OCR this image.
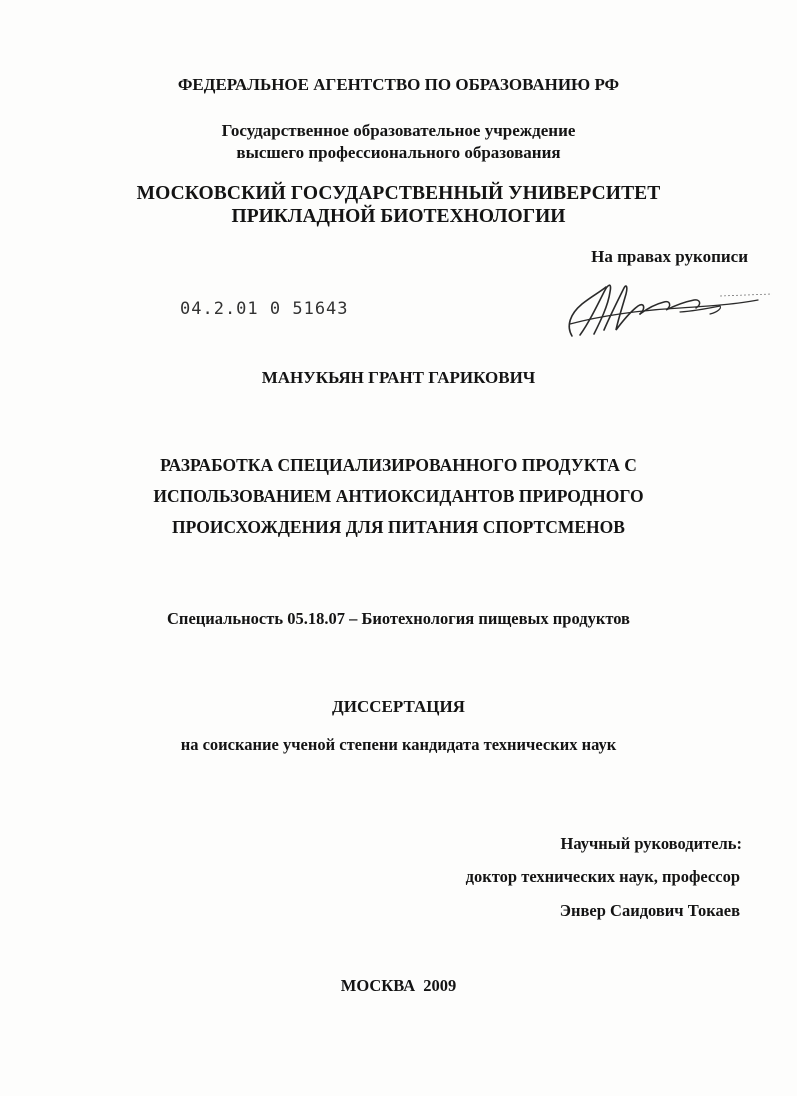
ФЕДЕРАЛЬНОЕ АГЕНТСТВО ПО ОБРАЗОВАНИЮ РФ
Государственное образовательное учреждение
высшего профессионального образования
МОСКОВСКИЙ ГОСУДАРСТВЕННЫЙ УНИВЕРСИТЕТ
ПРИКЛАДНОЙ БИОТЕХНОЛОГИИ
На правах рукописи
04.2.01 0 51643
МАНУКЬЯН ГРАНТ ГАРИКОВИЧ
РАЗРАБОТКА СПЕЦИАЛИЗИРОВАННОГО ПРОДУКТА С
ИСПОЛЬЗОВАНИЕМ АНТИОКСИДАНТОВ ПРИРОДНОГО
ПРОИСХОЖДЕНИЯ ДЛЯ ПИТАНИЯ СПОРТСМЕНОВ
Специальность 05.18.07 – Биотехнология пищевых продуктов
ДИССЕРТАЦИЯ
на соискание ученой степени кандидата технических наук
Научный руководитель:
доктор технических наук, профессор
Энвер Саидович Токаев
МОСКВА 2009
